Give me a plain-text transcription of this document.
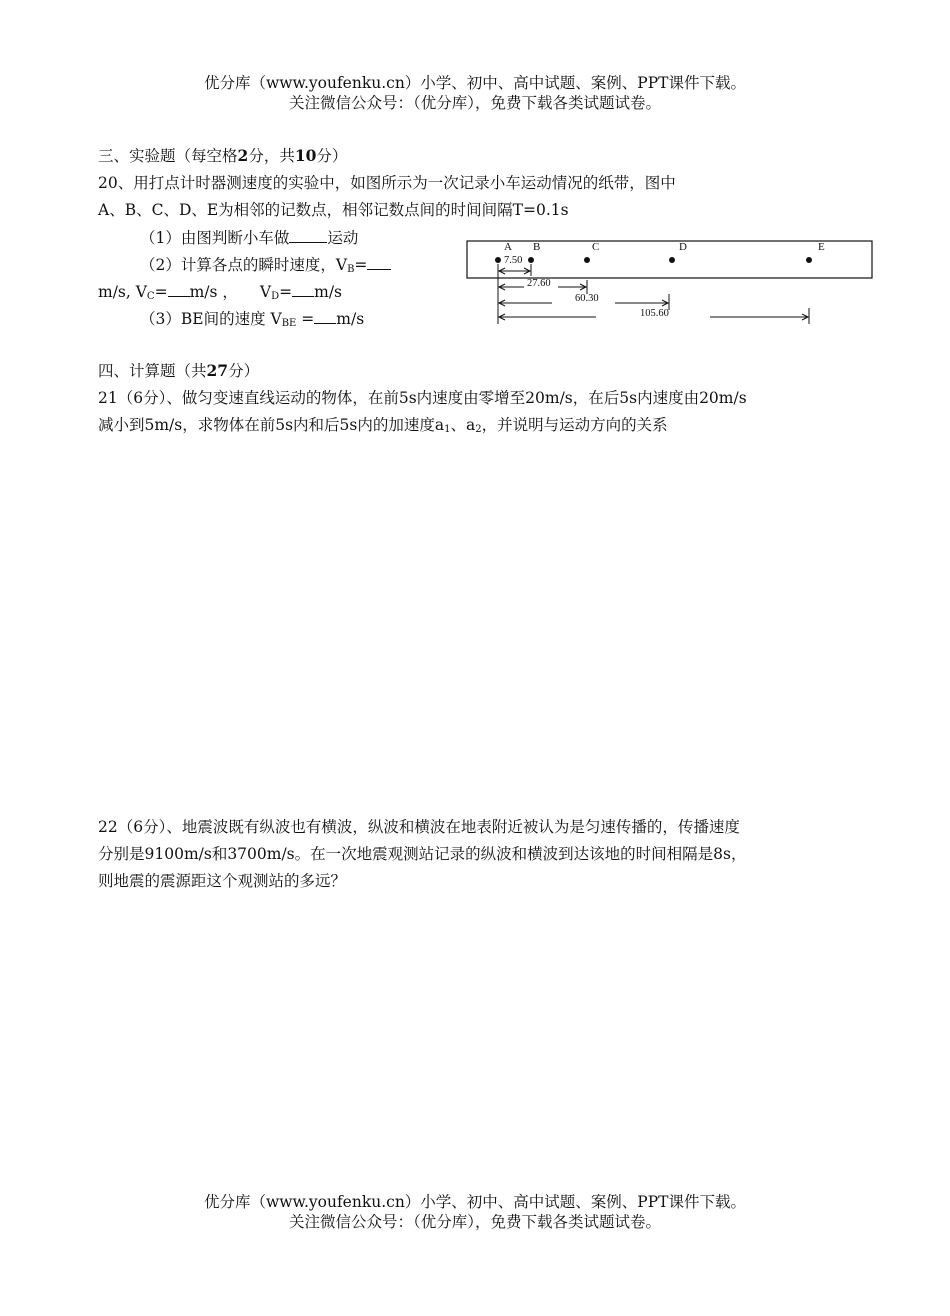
优分库（www.youfenku.cn）小学、初中、高中试题、案例、PPT课件下载。
关注微信公众号：（优分库），免费下载各类试题试卷。
三、实验题（每空格2分，共10分）
20、用打点计时器测速度的实验中，如图所示为一次记录小车运动情况的纸带，图中
A、B、C、D、E为相邻的记数点，相邻记数点间的时间间隔T=0.1s
（1）由图判断小车做 运动
（2）计算各点的瞬时速度，$V_B=$
m/s, $V_C= m/s$ ， $V_D= m/s$
（3）BE间的速度 $V_{BE} = m/s$
A B	C	D	E
7.50
27.60
60.30
105.60
四、计算题（共27分）
21（6分）、做匀变速直线运动的物体，在前5s内速度由零增至20m/s，在后5s内速度由20m/s
减小到5m/s，求物体在前5s内和后5s内的加速度$a_1$、$a_2$，并说明与运动方向的关系
22（6分）、地震波既有纵波也有横波，纵波和横波在地表附近被认为是匀速传播的，传播速度
分别是9100m/s和3700m/s。在一次地震观测站记录的纵波和横波到达该地的时间相隔是8s，
则地震的震源距这个观测站的多远？
优分库（www.youfenku.cn）小学、初中、高中试题、案例、PPT课件下载。
关注微信公众号：（优分库），免费下载各类试题试卷。
